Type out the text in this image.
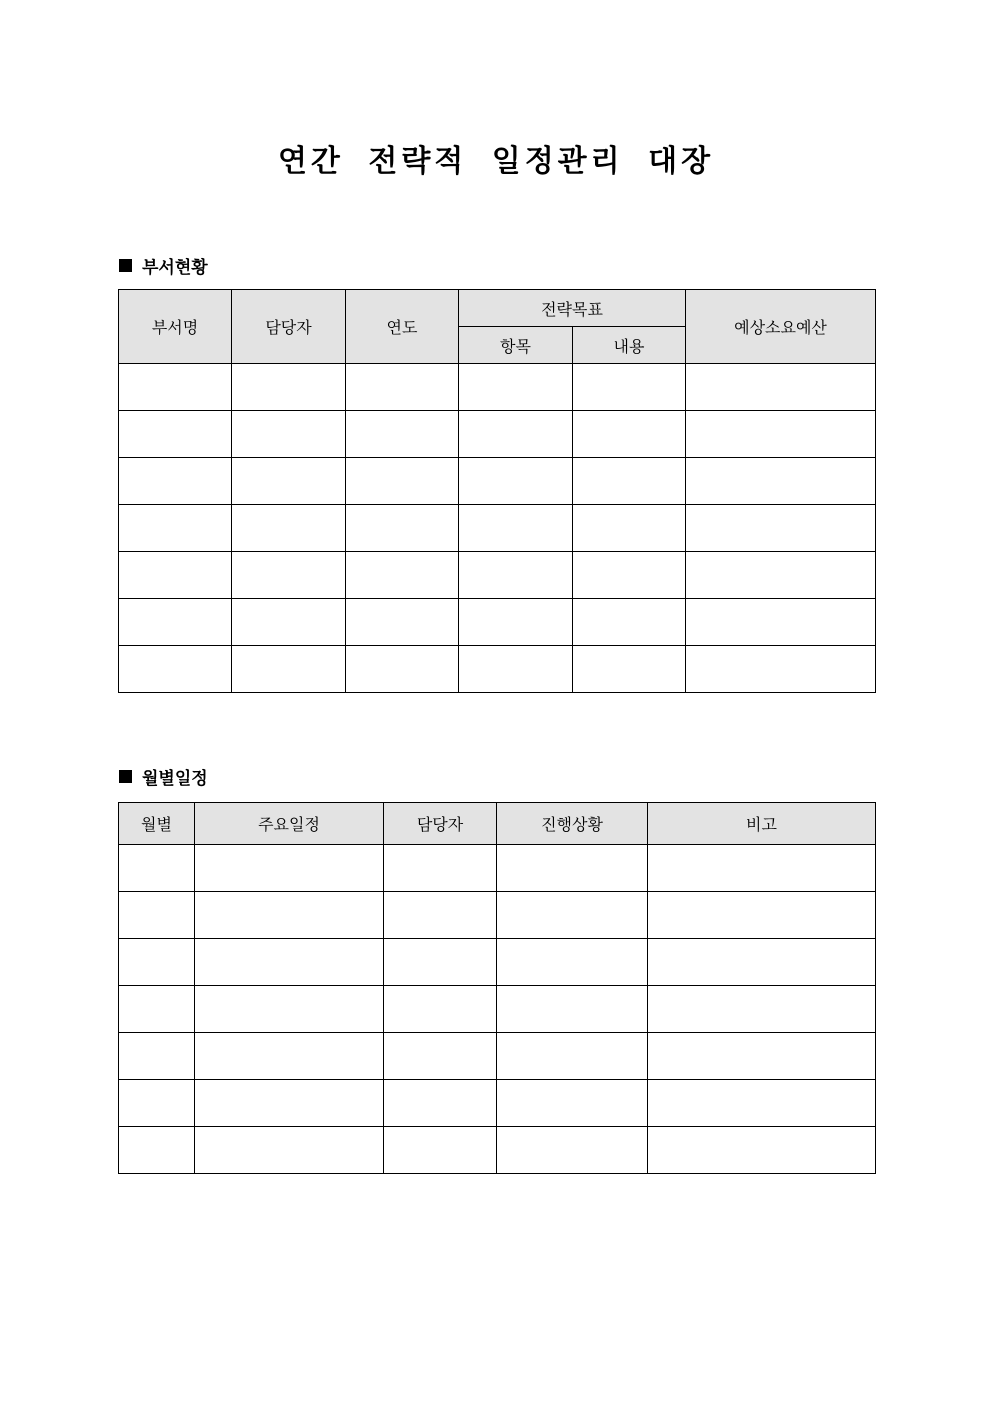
연간 전략적 일정관리 대장
부서현황
부서명	담당자	연도	전략목표		예상소요예산
			항목	내용	

월별일정
월별	주요일정	담당자	진행상황	비고
